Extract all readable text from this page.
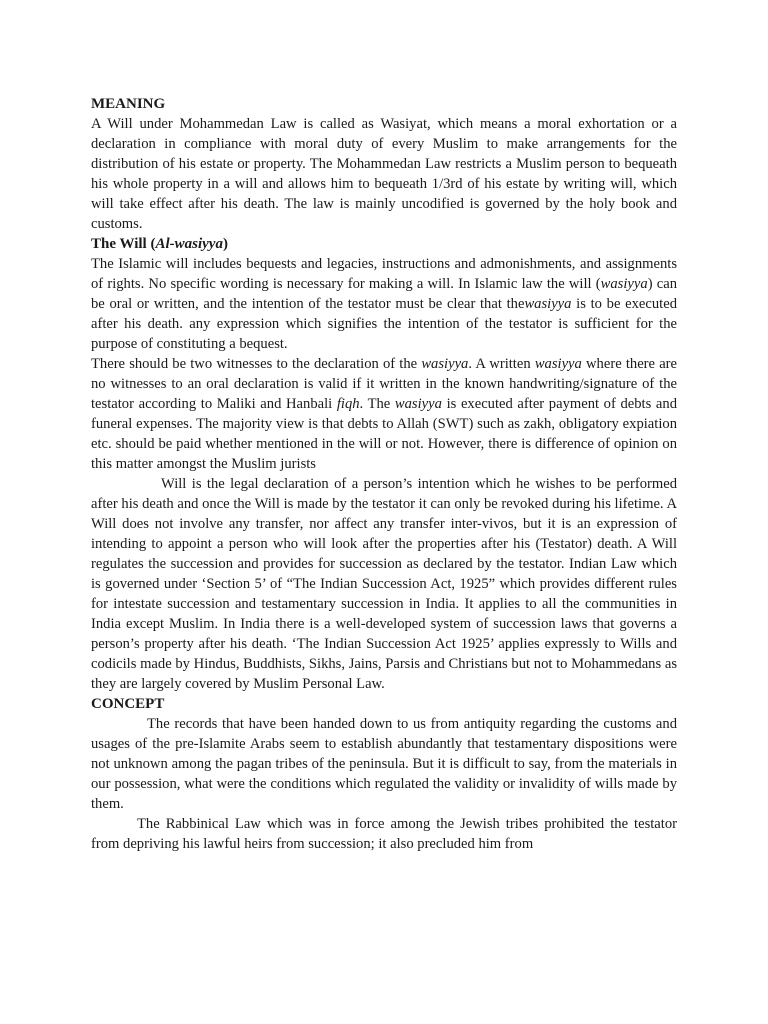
MEANING

A Will under Mohammedan Law is called as Wasiyat, which means a moral exhortation or a declaration in compliance with moral duty of every Muslim to make arrangements for the distribution of his estate or property. The Mohammedan Law restricts a Muslim person to bequeath his whole property in a will and allows him to bequeath 1/3rd of his estate by writing will, which will take effect after his death. The law is mainly uncodified is governed by the holy book and customs.

The Will (Al-wasiyya)

The Islamic will includes bequests and legacies, instructions and admonishments, and assignments of rights. No specific wording is necessary for making a will. In Islamic law the will (wasiyya) can be oral or written, and the intention of the testator must be clear that thewasiyya is to be executed after his death. any expression which signifies the intention of the testator is sufficient for the purpose of constituting a bequest.

There should be two witnesses to the declaration of the wasiyya. A written wasiyya where there are no witnesses to an oral declaration is valid if it written in the known handwriting/signature of the testator according to Maliki and Hanbali fiqh. The wasiyya is executed after payment of debts and funeral expenses. The majority view is that debts to Allah (SWT) such as zakh, obligatory expiation etc. should be paid whether mentioned in the will or not. However, there is difference of opinion on this matter amongst the Muslim jurists

Will is the legal declaration of a person’s intention which he wishes to be performed after his death and once the Will is made by the testator it can only be revoked during his lifetime. A Will does not involve any transfer, nor affect any transfer inter-vivos, but it is an expression of intending to appoint a person who will look after the properties after his (Testator) death. A Will regulates the succession and provides for succession as declared by the testator. Indian Law which is governed under ‘Section 5’ of “The Indian Succession Act, 1925” which provides different rules for intestate succession and testamentary succession in India. It applies to all the communities in India except Muslim. In India there is a well-developed system of succession laws that governs a person’s property after his death. ‘The Indian Succession Act 1925’ applies expressly to Wills and codicils made by Hindus, Buddhists, Sikhs, Jains, Parsis and Christians but not to Mohammedans as they are largely covered by Muslim Personal Law.

CONCEPT

The records that have been handed down to us from antiquity regarding the customs and usages of the pre-Islamite Arabs seem to establish abundantly that testamentary dispositions were not unknown among the pagan tribes of the peninsula. But it is difficult to say, from the materials in our possession, what were the conditions which regulated the validity or invalidity of wills made by them.

The Rabbinical Law which was in force among the Jewish tribes prohibited the testator from depriving his lawful heirs from succession; it also precluded him from
